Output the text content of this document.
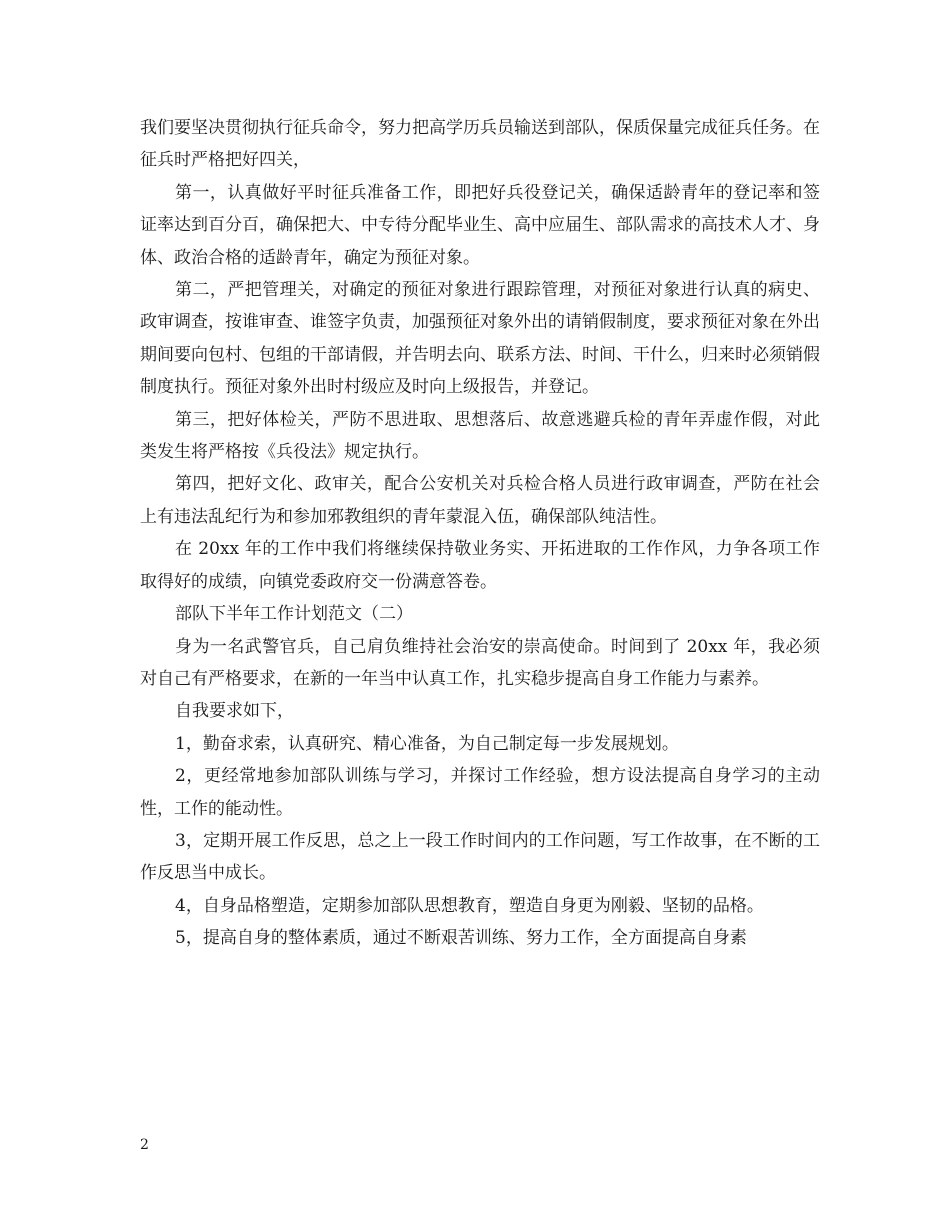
我们要坚决贯彻执行征兵命令，努力把高学历兵员输送到部队，保质保量完成征兵任务。在征兵时严格把好四关，

第一，认真做好平时征兵准备工作，即把好兵役登记关，确保适龄青年的登记率和签证率达到百分百，确保把大、中专待分配毕业生、高中应届生、部队需求的高技术人才、身体、政治合格的适龄青年，确定为预征对象。

第二，严把管理关，对确定的预征对象进行跟踪管理，对预征对象进行认真的病史、政审调查，按谁审查、谁签字负责，加强预征对象外出的请销假制度，要求预征对象在外出期间要向包村、包组的干部请假，并告明去向、联系方法、时间、干什么，归来时必须销假制度执行。预征对象外出时村级应及时向上级报告，并登记。

第三，把好体检关，严防不思进取、思想落后、故意逃避兵检的青年弄虚作假，对此类发生将严格按《兵役法》规定执行。

第四，把好文化、政审关，配合公安机关对兵检合格人员进行政审调查，严防在社会上有违法乱纪行为和参加邪教组织的青年蒙混入伍，确保部队纯洁性。

在 20xx 年的工作中我们将继续保持敬业务实、开拓进取的工作作风，力争各项工作取得好的成绩，向镇党委政府交一份满意答卷。

部队下半年工作计划范文（二）

身为一名武警官兵，自己肩负维持社会治安的崇高使命。时间到了 20xx 年，我必须对自己有严格要求，在新的一年当中认真工作，扎实稳步提高自身工作能力与素养。

自我要求如下，

1，勤奋求索，认真研究、精心准备，为自己制定每一步发展规划。

2，更经常地参加部队训练与学习，并探讨工作经验，想方设法提高自身学习的主动性，工作的能动性。

3，定期开展工作反思，总之上一段工作时间内的工作问题，写工作故事，在不断的工作反思当中成长。

4，自身品格塑造，定期参加部队思想教育，塑造自身更为刚毅、坚韧的品格。

5，提高自身的整体素质，通过不断艰苦训练、努力工作，全方面提高自身素

2
